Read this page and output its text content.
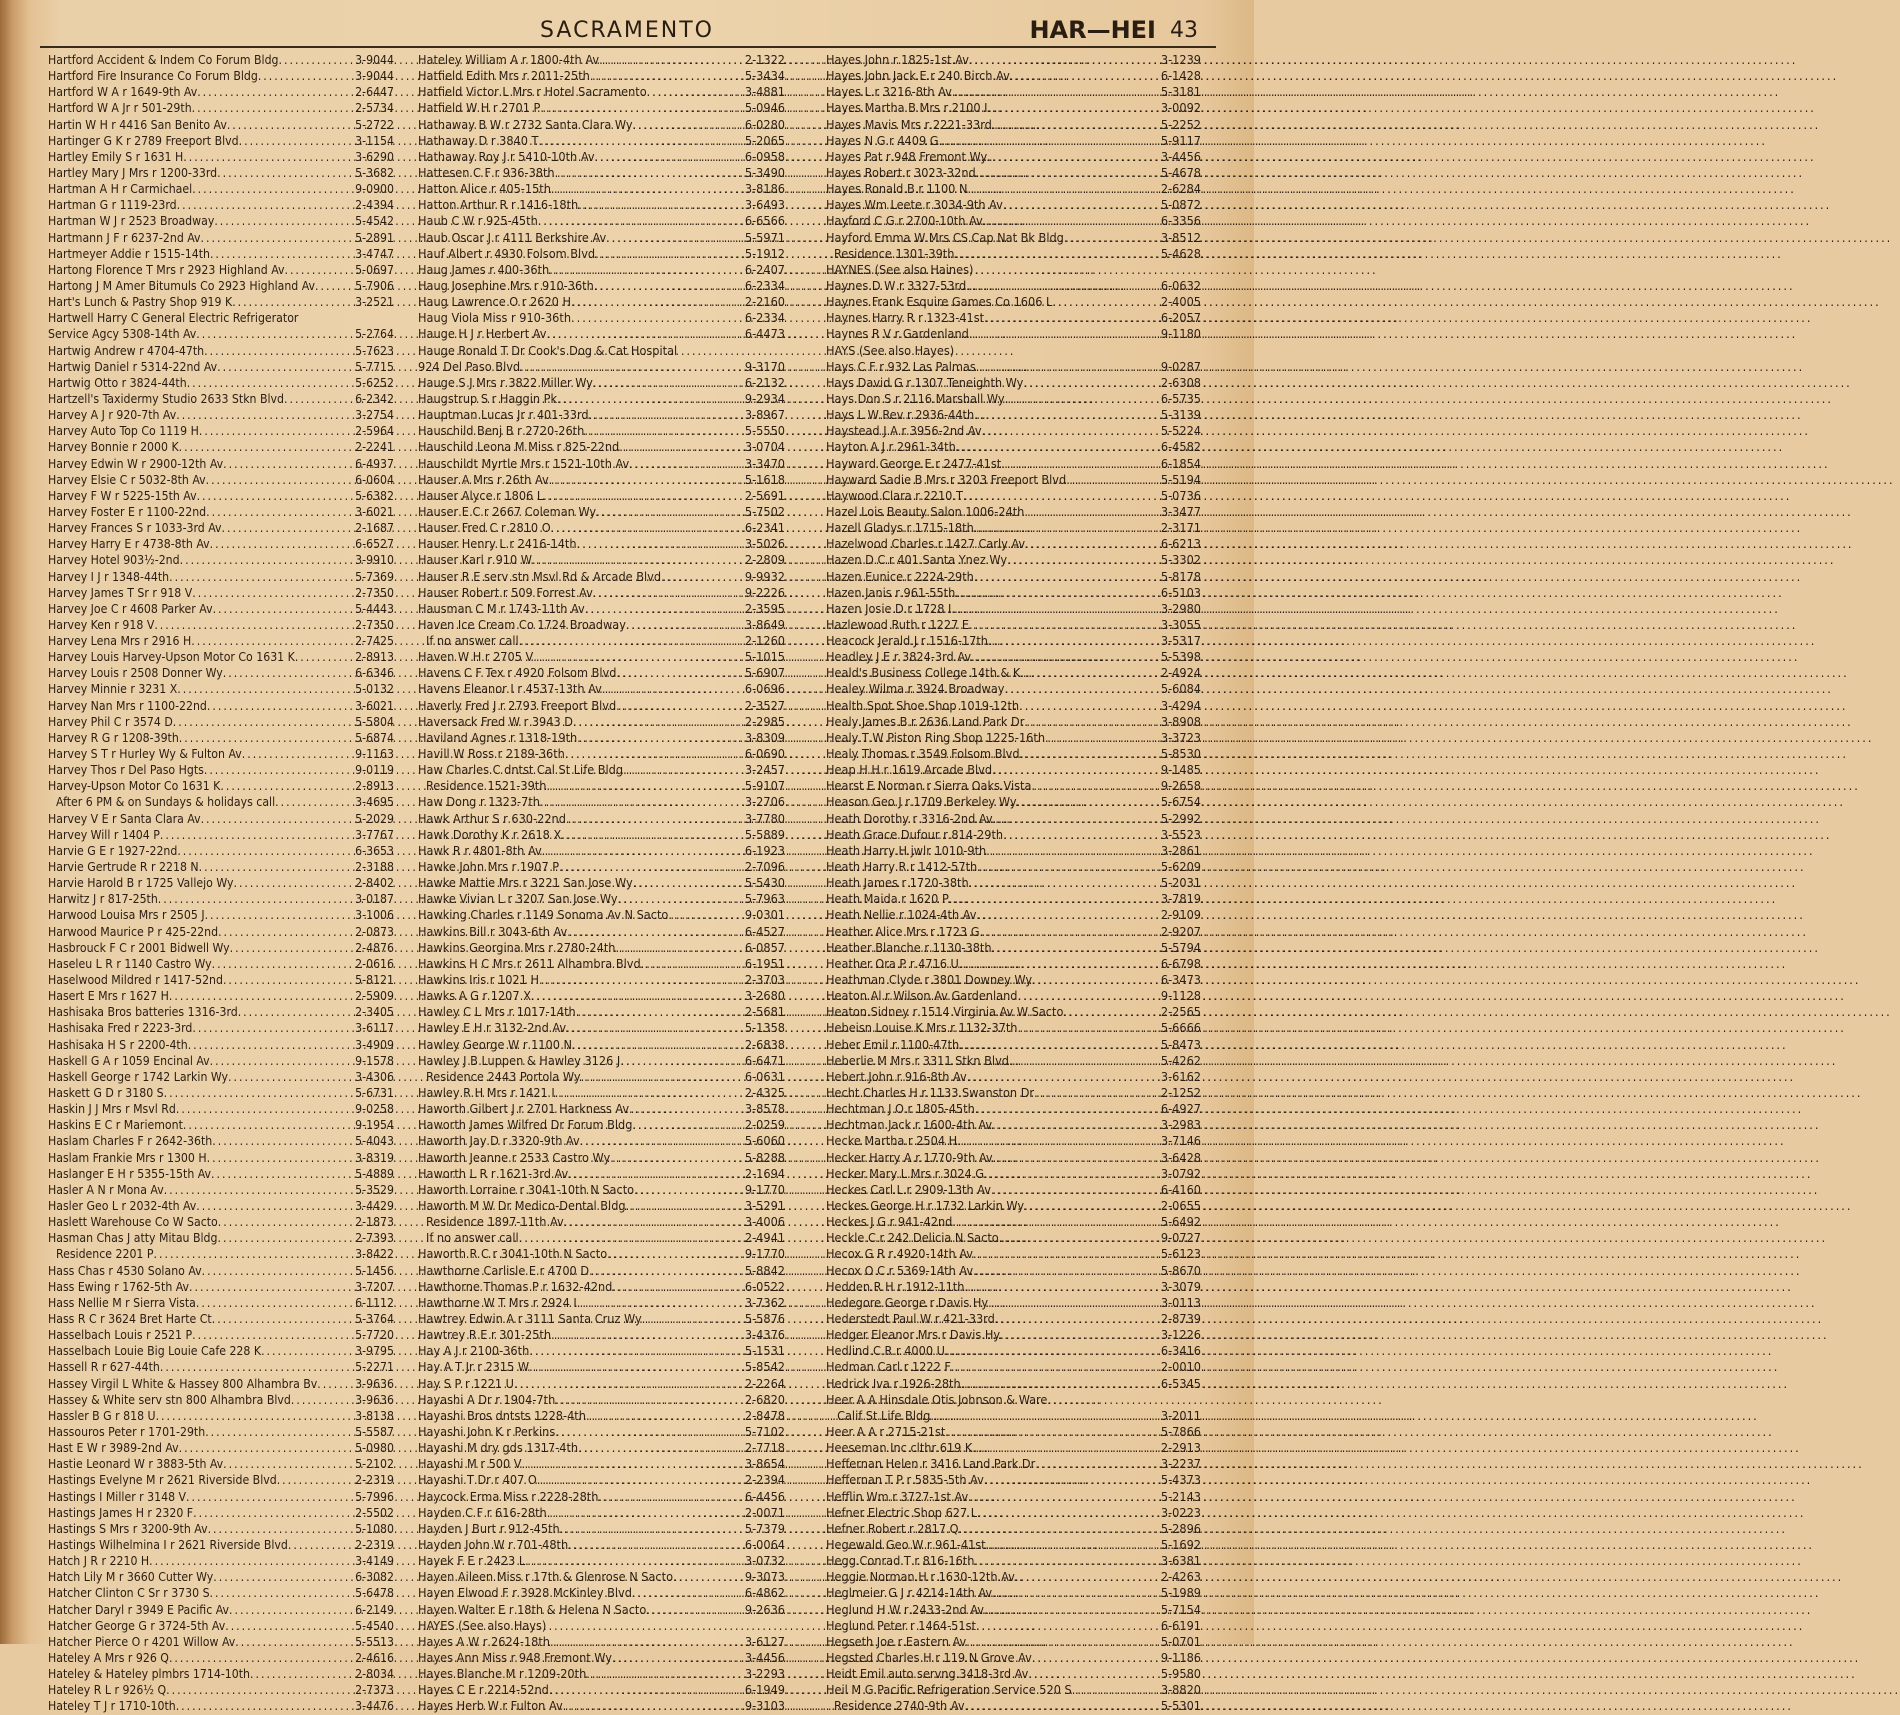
SACRAMENTO	HAR—HEI 43
Hartford Accident & Indem Co Forum Bldg .....	3-9044
Hartford Fire Insurance Co Forum Bldg .....	3-9044
Hartford W A r 1649-9th Av .....	2-6447
Hartford W A Jr r 501-29th .....	2-5734
Hartin W H r 4416 San Benito Av .....	5-2722
Hartinger G K r 2789 Freeport Blvd .....	3-1154
Hartley Emily S r 1631 H .....	3-6290
Hartley Mary J Mrs r 1200-33rd .....	5-3682
Hartman A H r Carmichael .....	9-0900
Hartman G r 1119-23rd .....	2-4394
Hartman W J r 2523 Broadway .....	5-4542
Hartmann J F r 6237-2nd Av .....	5-2891
Hartmeyer Addie r 1515-14th .....	3-4747
Hartong Florence T Mrs r 2923 Highland Av .....	5-0697
Hartong J M Amer Bitumuls Co 2923 Highland Av .....	5-7906
Hart's Lunch & Pastry Shop 919 K .....	3-2521
Hartwell Harry C General Electric Refrigerator
Service Agcy 5308-14th Av .....	5-2764
Hartwig Andrew r 4704-47th .....	5-7623
Hartwig Daniel r 5314-22nd Av .....	5-7715
Hartwig Otto r 3824-44th .....	5-6252
Hartzell's Taxidermy Studio 2633 Stkn Blvd .....	6-2342
Harvey A J r 920-7th Av .....	3-2754
Harvey Auto Top Co 1119 H .....	2-5964
Harvey Bonnie r 2000 K .....	2-2241
Harvey Edwin W r 2900-12th Av .....	6-4937
Harvey Elsie C r 5032-8th Av .....	6-0604
Harvey F W r 5225-15th Av .....	5-6382
Harvey Foster E r 1100-22nd .....	3-6021
Harvey Frances S r 1033-3rd Av .....	2-1687
Harvey Harry E r 4738-8th Av .....	6-6527
Harvey Hotel 903½-2nd .....	3-9910
Harvey I J r 1348-44th .....	5-7369
Harvey James T Sr r 918 V .....	2-7350
Harvey Joe C r 4608 Parker Av .....	5-4443
Harvey Ken r 918 V .....	2-7350
Harvey Lena Mrs r 2916 H .....	2-7425
Harvey Louis Harvey-Upson Motor Co 1631 K .....	2-8913
Harvey Louis r 2508 Donner Wy .....	6-6346
Harvey Minnie r 3231 X .....	5-0132
Harvey Nan Mrs r 1100-22nd .....	3-6021
Harvey Phil C r 3574 D .....	5-5804
Harvey R G r 1208-39th .....	5-6874
Harvey S T r Hurley Wy & Fulton Av .....	9-1163
Harvey Thos r Del Paso Hgts .....	9-0119
Harvey-Upson Motor Co 1631 K .....	2-8913
After 6 PM & on Sundays & holidays call .....	3-4695
Harvey V E r Santa Clara Av .....	5-2029
Harvey Will r 1404 P .....	3-7767
Harvie G E r 1927-22nd .....	6-3653
Harvie Gertrude R r 2218 N .....	2-3188
Harvie Harold B r 1725 Vallejo Wy .....	2-8402
Harwitz J r 817-25th .....	3-0187
Harwood Louisa Mrs r 2505 J .....	3-1006
Harwood Maurice P r 425-22nd .....	2-0873
Hasbrouck F C r 2001 Bidwell Wy .....	2-4876
Haseleu L R r 1140 Castro Wy .....	2-0616
Haselwood Mildred r 1417-52nd .....	5-8121
Hasert E Mrs r 1627 H .....	2-5909
Hashisaka Bros batteries 1316-3rd .....	2-3405
Hashisaka Fred r 2223-3rd .....	3-6117
Hashisaka H S r 2200-4th .....	3-4909
Haskell G A r 1059 Encinal Av .....	9-1578
Haskell George r 1742 Larkin Wy .....	3-4306
Haskett G D r 3180 S .....	5-6731
Haskin J J Mrs r Msvl Rd .....	9-0258
Haskins E C r Mariemont .....	9-1954
Haslam Charles F r 2642-36th .....	5-4043
Haslam Frankie Mrs r 1300 H .....	3-8319
Haslanger E H r 5355-15th Av .....	5-4889
Hasler A N r Mona Av .....	5-3529
Hasler Geo L r 2032-4th Av .....	3-4429
Haslett Warehouse Co W Sacto .....	2-1873
Hasman Chas J atty Mitau Bldg .....	2-7393
Residence 2201 P .....	3-8422
Hass Chas r 4530 Solano Av .....	5-1456
Hass Ewing r 1762-5th Av .....	3-7207
Hass Nellie M r Sierra Vista .....	6-1112
Hass R C r 3624 Bret Harte Ct .....	5-3764
Hasselbach Louis r 2521 P .....	5-7720
Hasselbach Louie Big Louie Cafe 228 K .....	3-9795
Hassell R r 627-44th .....	5-2271
Hassey Virgil L White & Hassey 800 Alhambra Bv .....	3-9636
Hassey & White serv stn 800 Alhambra Blvd .....	3-9636
Hassler B G r 818 U .....	3-8138
Hassouros Peter r 1701-29th .....	5-5587
Hast E W r 3989-2nd Av .....	5-0980
Hastie Leonard W r 3883-5th Av .....	5-2102
Hastings Evelyne M r 2621 Riverside Blvd .....	2-2319
Hastings I Miller r 3148 V .....	5-7996
Hastings James H r 2320 F .....	2-5502
Hastings S Mrs r 3200-9th Av .....	5-1080
Hastings Wilhelmina I r 2621 Riverside Blvd .....	2-2319
Hatch J R r 2210 H .....	3-4149
Hatch Lily M r 3660 Cutter Wy .....	6-3082
Hatcher Clinton C Sr r 3730 S .....	5-6478
Hatcher Daryl r 3949 E Pacific Av .....	6-2149
Hatcher George G r 3724-5th Av .....	5-4540
Hatcher Pierce O r 4201 Willow Av .....	5-5513
Hateley A Mrs r 926 Q .....	2-4616
Hateley & Hateley plmbrs 1714-10th .....	2-8034
Hateley R L r 926½ Q .....	2-7373
Hateley T J r 1710-10th .....	3-4476
Hateley William A r 1800-4th Av .....	2-1322
Hatfield Edith Mrs r 2011-25th .....	5-3434
Hatfield Victor L Mrs r Hotel Sacramento .....	3-4881
Hatfield W H r 2701 P .....	5-0946
Hathaway B W r 2732 Santa Clara Wy .....	6-0280
Hathaway D r 3840 T .....	5-2065
Hathaway Roy J r 5410-10th Av .....	6-0958
Hattesen C F r 936-38th .....	5-3490
Hatton Alice r 405-15th .....	3-8186
Hatton Arthur R r 1416-18th .....	3-6493
Haub C W r 925-45th .....	6-6566
Haub Oscar J r 4111 Berkshire Av .....	5-5971
Hauf Albert r 4930 Folsom Blvd .....	5-1912
Haug James r 400-36th .....	6-2407
Haug Josephine Mrs r 910-36th .....	6-2334
Haug Lawrence O r 2620 H .....	2-2160
Haug Viola Miss r 910-36th .....	6-2334
Hauge H J r Herbert Av .....	6-4473
Hauge Ronald T Dr Cook's Dog & Cat Hospital
924 Del Paso Blvd .....	9-3170
Hauge S J Mrs r 3822 Miller Wy .....	6-2132
Haugstrup S r Haggin Pk .....	9-2934
Hauptman Lucas Jr r 401-33rd .....	3-8967
Hauschild Benj B r 2720-26th .....	5-5550
Hauschild Leona M Miss r 825-22nd .....	3-0704
Hauschildt Myrtle Mrs r 1521-10th Av .....	3-3470
Hauser A Mrs r 26th Av .....	5-1618
Hauser Alyce r 1806 L .....	2-5691
Hauser E C r 2667 Coleman Wy .....	5-7502
Hauser Fred C r 2810 O .....	6-2341
Hauser Henry L r 2416-14th .....	3-5026
Hauser Karl r 910 W .....	2-2809
Hauser R E serv stn Msvl Rd & Arcade Blvd .....	9-9932
Hauser Robert r 509 Forrest Av .....	9-2226
Hausman C M r 1743-11th Av .....	2-3595
Haven Ice Cream Co 1724 Broadway .....	3-8649
If no answer call .....	2-1260
Haven W H r 2705 V .....	5-1015
Havens C F Tex r 4920 Folsom Blvd .....	5-6907
Havens Eleanor I r 4537-13th Av .....	6-0696
Haverly Fred J r 2793 Freeport Blvd .....	2-3527
Haversack Fred W r 3943 D .....	2-2985
Haviland Agnes r 1318-19th .....	3-8309
Havill W Ross r 2189-36th .....	6-0690
Haw Charles C dntst Cal St Life Bldg .....	3-2457
Residence 1521-39th .....	5-9107
Haw Dong r 1323-7th .....	3-2706
Hawk Arthur S r 630-22nd .....	3-7780
Hawk Dorothy K r 2618 X .....	5-5889
Hawk R r 4801-8th Av .....	6-1923
Hawke John Mrs r 1907 P .....	2-7096
Hawke Mattie Mrs r 3221 San Jose Wy .....	5-5430
Hawke Vivian L r 3207 San Jose Wy .....	5-7963
Hawking Charles r 1149 Sonoma Av N Sacto .....	9-0301
Hawkins Bill r 3043-6th Av .....	6-4527
Hawkins Georgina Mrs r 2780-24th .....	6-0857
Hawkins H C Mrs r 2611 Alhambra Blvd .....	6-1951
Hawkins Iris r 1021 H .....	2-3703
Hawks A G r 1207 X .....	3-2680
Hawley C L Mrs r 1017-14th .....	2-5681
Hawley E H r 3132-2nd Av .....	5-1358
Hawley George W r 1100 N .....	2-6838
Hawley J B Luppen & Hawley 3126 J .....	6-6471
Residence 2443 Portola Wy .....	6-0631
Hawley R H Mrs r 1421 I .....	2-4325
Haworth Gilbert J r 2701 Harkness Av .....	3-8578
Haworth James Wilfred Dr Forum Bldg .....	2-0259
Haworth Jay D r 3320-9th Av .....	5-6060
Haworth Jeanne r 2533 Castro Wy .....	5-8288
Haworth L R r 1621-3rd Av .....	2-1694
Haworth Lorraine r 3041-10th N Sacto .....	9-1770
Haworth M W Dr Medico-Dental Bldg .....	3-5291
Residence 1897-11th Av .....	3-4006
If no answer call .....	2-4941
Haworth R C r 3041-10th N Sacto .....	9-1770
Hawthorne Carlisle E r 4700 D .....	5-8842
Hawthorne Thomas P r 1632-42nd .....	6-0522
Hawthorne W T Mrs r 2924 I .....	3-7362
Hawtrey Edwin A r 3111 Santa Cruz Wy .....	5-5876
Hawtrey R E r 301-25th .....	3-4376
Hay A J r 2100-36th .....	5-1531
Hay A T Jr r 2315 W .....	5-8542
Hay S P r 1221 U .....	2-2264
Hayashi A Dr r 1904-7th .....	2-6820
Hayashi Bros dntsts 1228-4th .....	2-8478
Hayashi John K r Perkins .....	5-7102
Hayashi M dry gds 1317-4th .....	2-7718
Hayashi M r 500 V .....	3-8654
Hayashi T Dr r 407 O .....	2-2394
Haycock Erma Miss r 2228-28th .....	6-4456
Hayden C F r 616-28th .....	2-0071
Hayden J Burt r 912-45th .....	5-7379
Hayden John W r 701-48th .....	6-0064
Hayek F E r 2423 L .....	3-0732
Hayen Aileen Miss r 17th & Glenrose N Sacto .....	9-3073
Hayen Elwood F r 3928 McKinley Blvd .....	6-4862
Hayen Walter E r 18th & Helena N Sacto .....	9-2636
HAYES (See also Hays)
Hayes A W r 2624-18th .....	3-6127
Hayes Ann Miss r 948 Fremont Wy .....	3-4456
Hayes Blanche M r 1209-20th .....	3-2293
Hayes C E r 2214-52nd .....	6-1949
Hayes Herb W r Fulton Av .....	9-3103
Hayes John r 1825-1st Av .....	3-1239
Hayes John Jack E r 240 Birch Av .....	6-1428
Hayes L r 3216-8th Av .....	5-3181
Hayes Martha B Mrs r 2100 I .....	3-0092
Hayes Mavis Mrs r 2221-33rd .....	5-2252
Hayes N G r 4409 G .....	5-9117
Hayes Pat r 948 Fremont Wy .....	3-4456
Hayes Robert r 3023-32nd .....	5-4678
Hayes Ronald B r 1100 N .....	2-6284
Hayes Wm Leete r 3034-9th Av .....	5-0872
Hayford C G r 2700-10th Av .....	6-3356
Hayford Emma W Mrs CS Cap Nat Bk Bldg .....	3-8512
Residence 1301-39th .....	5-4628
HAYNES (See also Haines)
Haynes D W r 3327-53rd .....	6-0632
Haynes Frank Esquire Games Co 1606 L .....	2-4005
Haynes Harry R r 1323-41st .....	6-2057
Haynes R V r Gardenland .....	9-1180
HAYS (See also Hayes)
Hays C F r 932 Las Palmas .....	9-0287
Hays David G r 1307 Teneighth Wy .....	2-6308
Hays Don S r 2116 Marshall Wy .....	6-5735
Hays L W Rev r 2936-44th .....	5-3139
Haystead J A r 3956-2nd Av .....	5-5224
Hayton A J r 2961-34th .....	6-4582
Hayward George E r 2477-41st .....	6-1854
Hayward Sadie B Mrs r 3203 Freeport Blvd .....	5-5194
Haywood Clara r 2210 T .....	5-0736
Hazel Lois Beauty Salon 1006-24th .....	3-3477
Hazell Gladys r 1715-18th .....	2-3171
Hazelwood Charles r 1427 Carly Av .....	6-6213
Hazen D C r 401 Santa Ynez Wy .....	5-3302
Hazen Eunice r 2224-29th .....	5-8178
Hazen Janis r 961-55th .....	6-5103
Hazen Josie D r 1728 I .....	3-2980
Hazlewood Ruth r 1227 E .....	3-3055
Heacock Jerald J r 1516-17th .....	3-5317
Headley J E r 3824-3rd Av .....	5-5398
Heald's Business College 14th & K .....	2-4924
Healey Wilma r 3924 Broadway .....	5-6084
Health Spot Shoe Shop 1019-12th .....	3-4294
Healy James B r 2636 Land Park Dr .....	3-8908
Healy T W Piston Ring Shop 1225-16th .....	3-3723
Healy Thomas r 3549 Folsom Blvd .....	5-8530
Heap H H r 1619 Arcade Blvd .....	9-1485
Hearst E Norman r Sierra Oaks Vista .....	9-2658
Heason Geo J r 1709 Berkeley Wy .....	5-6754
Heath Dorothy r 3316-2nd Av .....	5-2992
Heath Grace Dufour r 814-29th .....	3-5523
Heath Harry H jwlr 1010-9th .....	3-2861
Heath Harry R r 1412-57th .....	5-6209
Heath James r 1720-38th .....	5-2031
Heath Maida r 1620 P .....	3-7819
Heath Nellie r 1024-4th Av .....	2-9109
Heather Alice Mrs r 1723 G .....	2-9207
Heather Blanche r 1130-38th .....	5-5794
Heather Ora P r 4716 U .....	6-6798
Heathman Clyde r 3801 Downey Wy .....	6-3473
Heaton Al r Wilson Av Gardenland .....	9-1128
Heaton Sidney r 1514 Virginia Av W Sacto .....	2-2565
Hebeisn Louise K Mrs r 1132-37th .....	5-6666
Heber Emil r 1100-47th .....	5-8473
Heberlie M Mrs r 3311 Stkn Blvd .....	5-4262
Hebert John r 916-8th Av .....	3-6162
Hecht Charles H r 1133 Swanston Dr .....	2-1252
Hechtman J O r 1805-45th .....	6-4927
Hechtman Jack r 1600-4th Av .....	3-2983
Hecke Martha r 2504 H .....	3-7146
Hecker Harry A r 1770-9th Av .....	3-6428
Hecker Mary L Mrs r 3024 G .....	3-0792
Heckes Carl L r 2909-13th Av .....	6-4160
Heckes George H r 1732 Larkin Wy .....	2-0655
Heckes J G r 941-42nd .....	5-6492
Heckle C r 242 Delicia N Sacto .....	9-0727
Hecox G R r 4920-14th Av .....	5-6123
Hecox O C r 5369-14th Av .....	5-8670
Hedden R H r 1912-11th .....	3-3079
Hedegore George r Davis Hy .....	3-0113
Hederstedt Paul W r 421-33rd .....	2-8739
Hedger Eleanor Mrs r Davis Hy .....	3-1226
Hedlind C R r 4000 U .....	6-3416
Hedman Carl r 1222 F .....	2-0010
Hedrick Iva r 1926-28th .....	6-5345
Heer A A Hinsdale Otis Johnson & Ware
Calif St Life Bldg .....	3-2011
Heer A A r 2715-21st .....	5-7866
Heeseman Inc clthr 619 K .....	2-2913
Heffernan Helen r 3416 Land Park Dr .....	3-2237
Heffernan T P r 5835-5th Av .....	5-4373
Hefflin Wm r 3727-1st Av .....	5-2143
Hefner Electric Shop 627 L .....	3-0223
Hefner Robert r 2817 Q .....	5-2896
Hegewald Geo W r 961-41st .....	5-1692
Hegg Conrad T r 816-16th .....	3-6381
Heggie Norman H r 1630-12th Av .....	2-4263
Heglmeier G J r 4214-14th Av .....	5-1989
Heglund H W r 2433-2nd Av .....	5-7154
Heglund Peter r 1464-51st .....	6-6191
Hegseth Joe r Eastern Av .....	5-0701
Hegsted Charles H r 119 N Grove Av .....	9-1186
Heidt Emil auto servng 3418-3rd Av .....	5-9580
Heil M G Pacific Refrigeration Service 520 S .....	3-8820
Residence 2740-9th Av .....	5-5301
